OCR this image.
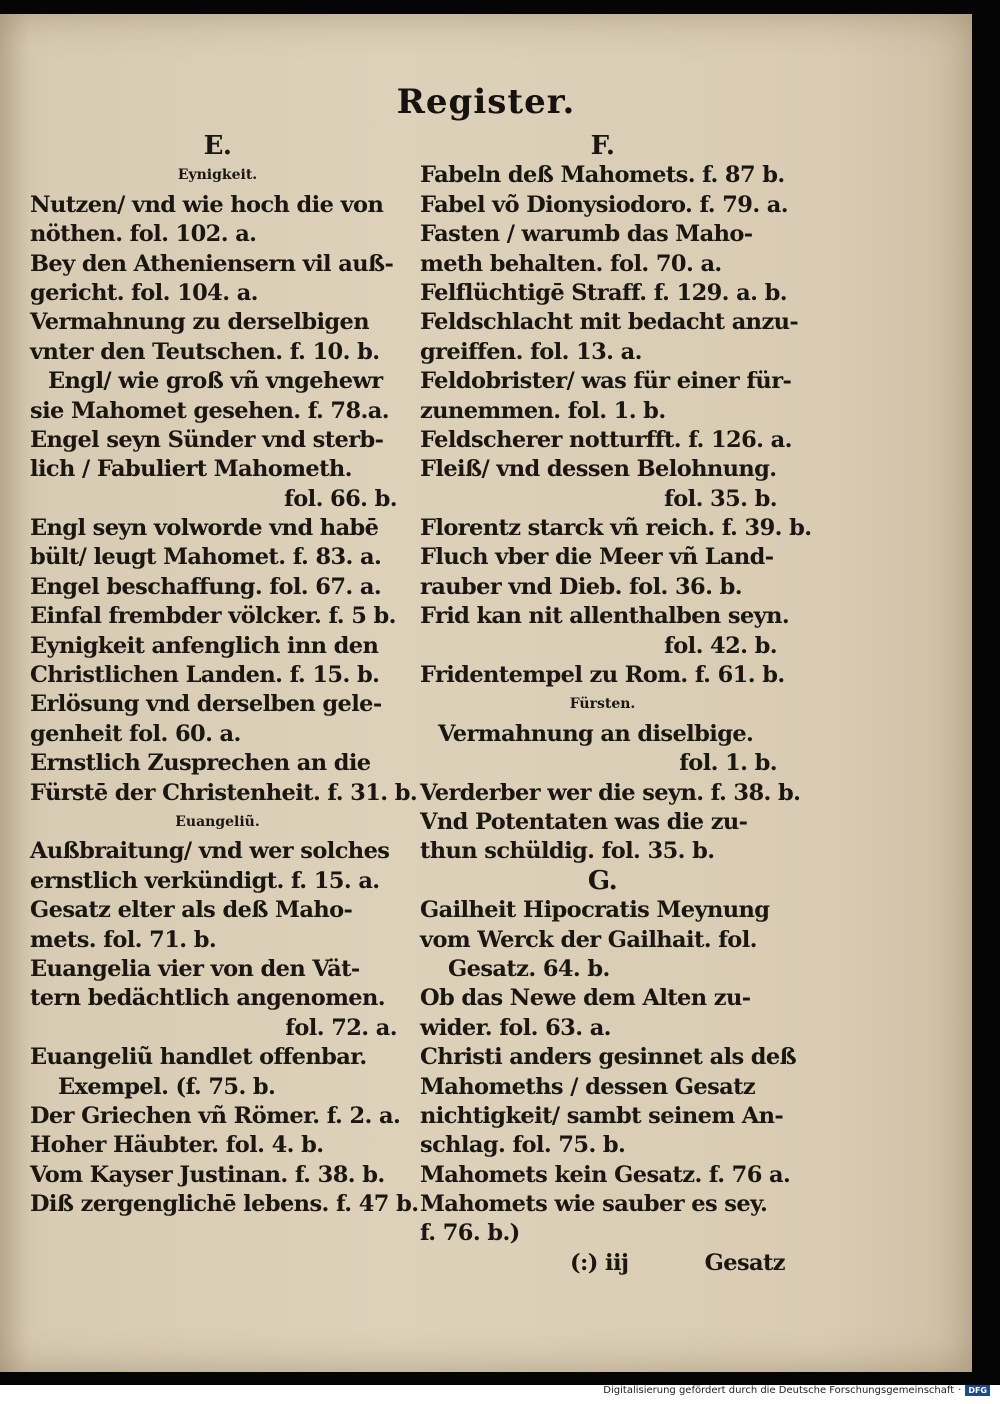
Register.
E.
Eynigkeit.
Nutzen/ vnd wie hoch die von
nöthen. fol. 102. a.
Bey den Atheniensern vil auß-
gericht. fol. 104. a.
Vermahnung zu derselbigen
vnter den Teutschen. f. 10. b.
Engl/ wie groß vñ vngehewr
sie Mahomet gesehen. f. 78.a.
Engel seyn Sünder vnd sterb-
lich / Fabuliert Mahometh.
fol. 66. b.
Engl seyn volworde vnd habē
bült/ leugt Mahomet. f. 83. a.
Engel beschaffung. fol. 67. a.
Einfal frembder völcker. f. 5 b.
Eynigkeit anfenglich inn den
Christlichen Landen. f. 15. b.
Erlösung vnd derselben gele-
genheit fol. 60. a.
Ernstlich Zusprechen an die
Fürstē der Christenheit. f. 31. b.
Euangeliũ.
Außbraitung/ vnd wer solches
ernstlich verkündigt. f. 15. a.
Gesatz elter als deß Maho-
mets. fol. 71. b.
Euangelia vier von den Vät-
tern bedächtlich angenomen.
fol. 72. a.
Euangeliũ handlet offenbar.
Exempel. (f. 75. b.
Der Griechen vñ Römer. f. 2. a.
Hoher Häubter. fol. 4. b.
Vom Kayser Justinan. f. 38. b.
Diß zergenglichē lebens. f. 47 b.
F.
Fabeln deß Mahomets. f. 87 b.
Fabel võ Dionysiodoro. f. 79. a.
Fasten / warumb das Maho-
meth behalten. fol. 70. a.
Felflüchtigē Straff. f. 129. a. b.
Feldschlacht mit bedacht anzu-
greiffen. fol. 13. a.
Feldobrister/ was für einer für-
zunemmen. fol. 1. b.
Feldscherer notturfft. f. 126. a.
Fleiß/ vnd dessen Belohnung.
fol. 35. b.
Florentz starck vñ reich. f. 39. b.
Fluch vber die Meer vñ Land-
rauber vnd Dieb. fol. 36. b.
Frid kan nit allenthalben seyn.
fol. 42. b.
Fridentempel zu Rom. f. 61. b.
Fürsten.
Vermahnung an diselbige.
fol. 1. b.
Verderber wer die seyn. f. 38. b.
Vnd Potentaten was die zu-
thun schüldig. fol. 35. b.
G.
Gailheit Hipocratis Meynung
vom Werck der Gailhait. fol.
Gesatz. 64. b.
Ob das Newe dem Alten zu-
wider. fol. 63. a.
Christi anders gesinnet als deß
Mahomeths / dessen Gesatz
nichtigkeit/ sambt seinem An-
schlag. fol. 75. b.
Mahomets kein Gesatz. f. 76 a.
Mahomets wie sauber es sey.
f. 76. b.)
(:) iij	Gesatz
Digitalisierung gefördert durch die Deutsche Forschungsgemeinschaft · DFG
